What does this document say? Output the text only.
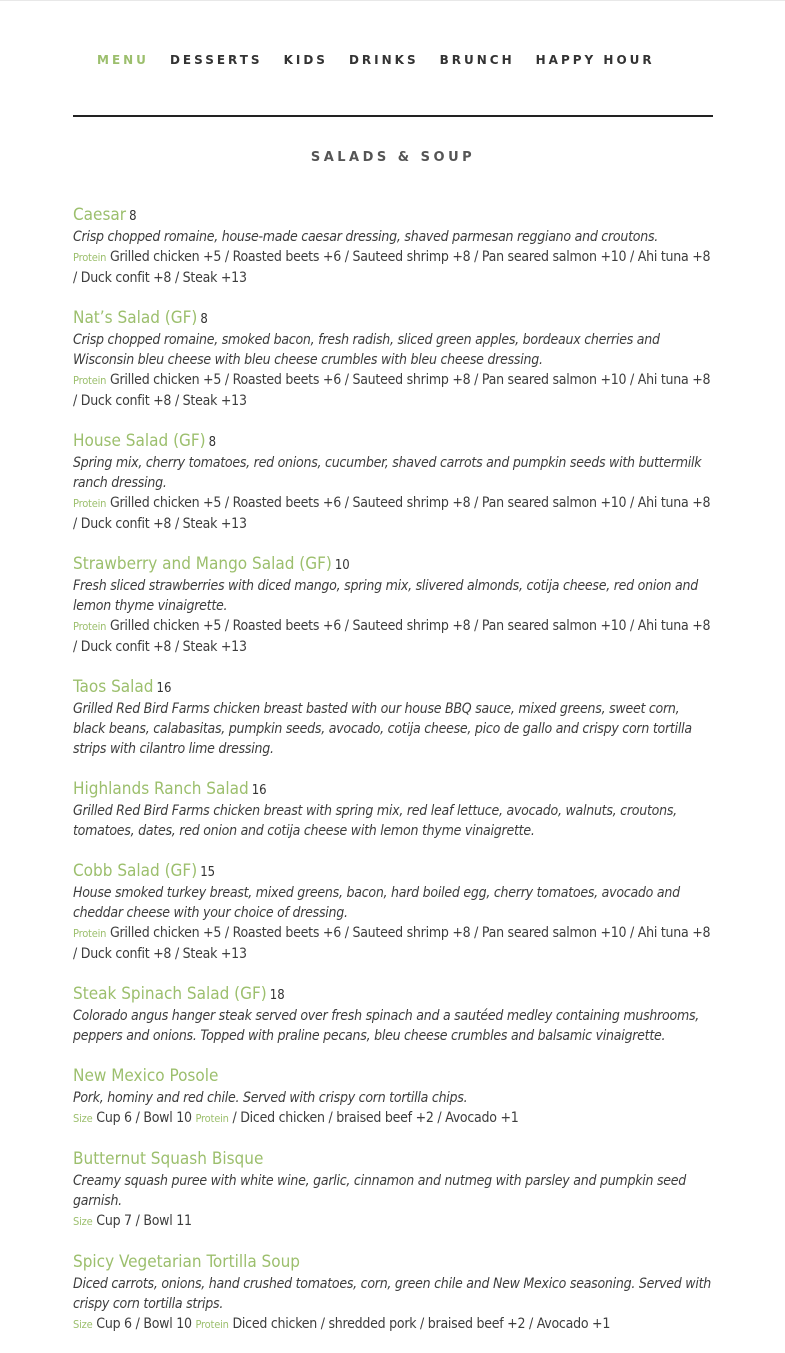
MENU DESSERTS KIDS DRINKS BRUNCH HAPPY HOUR
SALADS & SOUP
Caesar 8
Crisp chopped romaine, house-made caesar dressing, shaved parmesan reggiano and croutons.
Protein Grilled chicken +5 / Roasted beets +6 / Sauteed shrimp +8 / Pan seared salmon +10 / Ahi tuna +8 / Duck confit +8 / Steak +13
Nat’s Salad (GF) 8
Crisp chopped romaine, smoked bacon, fresh radish, sliced green apples, bordeaux cherries and Wisconsin bleu cheese with bleu cheese crumbles with bleu cheese dressing.
Protein Grilled chicken +5 / Roasted beets +6 / Sauteed shrimp +8 / Pan seared salmon +10 / Ahi tuna +8 / Duck confit +8 / Steak +13
House Salad (GF) 8
Spring mix, cherry tomatoes, red onions, cucumber, shaved carrots and pumpkin seeds with buttermilk ranch dressing.
Protein Grilled chicken +5 / Roasted beets +6 / Sauteed shrimp +8 / Pan seared salmon +10 / Ahi tuna +8 / Duck confit +8 / Steak +13
Strawberry and Mango Salad (GF) 10
Fresh sliced strawberries with diced mango, spring mix, slivered almonds, cotija cheese, red onion and lemon thyme vinaigrette.
Protein Grilled chicken +5 / Roasted beets +6 / Sauteed shrimp +8 / Pan seared salmon +10 / Ahi tuna +8 / Duck confit +8 / Steak +13
Taos Salad 16
Grilled Red Bird Farms chicken breast basted with our house BBQ sauce, mixed greens, sweet corn, black beans, calabasitas, pumpkin seeds, avocado, cotija cheese, pico de gallo and crispy corn tortilla strips with cilantro lime dressing.
Highlands Ranch Salad 16
Grilled Red Bird Farms chicken breast with spring mix, red leaf lettuce, avocado, walnuts, croutons, tomatoes, dates, red onion and cotija cheese with lemon thyme vinaigrette.
Cobb Salad (GF) 15
House smoked turkey breast, mixed greens, bacon, hard boiled egg, cherry tomatoes, avocado and cheddar cheese with your choice of dressing.
Protein Grilled chicken +5 / Roasted beets +6 / Sauteed shrimp +8 / Pan seared salmon +10 / Ahi tuna +8 / Duck confit +8 / Steak +13
Steak Spinach Salad (GF) 18
Colorado angus hanger steak served over fresh spinach and a sautéed medley containing mushrooms, peppers and onions. Topped with praline pecans, bleu cheese crumbles and balsamic vinaigrette.
New Mexico Posole
Pork, hominy and red chile. Served with crispy corn tortilla chips.
Size Cup 6 / Bowl 10 Protein / Diced chicken / braised beef +2 / Avocado +1
Butternut Squash Bisque
Creamy squash puree with white wine, garlic, cinnamon and nutmeg with parsley and pumpkin seed garnish.
Size Cup 7 / Bowl 11
Spicy Vegetarian Tortilla Soup
Diced carrots, onions, hand crushed tomatoes, corn, green chile and New Mexico seasoning. Served with crispy corn tortilla strips.
Size Cup 6 / Bowl 10 Protein Diced chicken / shredded pork / braised beef +2 / Avocado +1
